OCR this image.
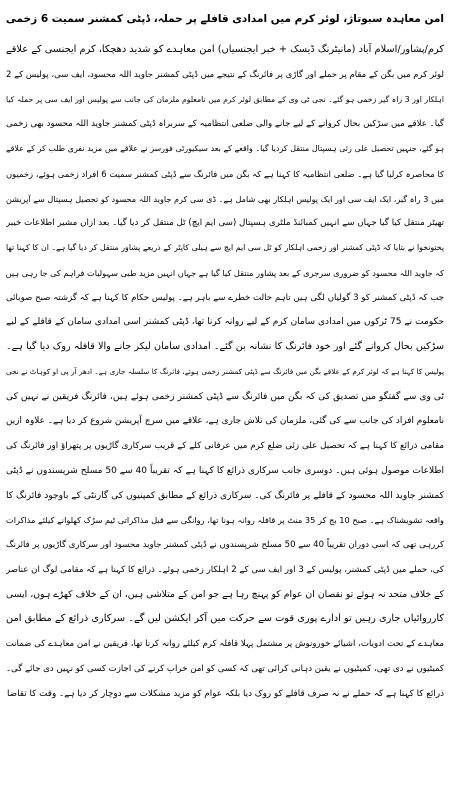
امن معاہدہ سبوتاژ، لوئر کرم میں امدادی قافلے پر حملہ، ڈپٹی کمشنر سمیت 6 زخمی
کرم/پشاور/اسلام آباد (مانیٹرنگ ڈیسک + خبر ایجنسیاں) امن معاہدے کو شدید دھچکا، کرم ایجنسی کے علاقے
لوئر کرم میں بگن کے مقام پر حملے اور گاڑی پر فائرنگ کے نتیجے میں ڈپٹی کمشنر جاوید اللہ محسود، ایف سی، پولیس کے 2
اہلکار اور 3 راہ گیر زخمی ہو گئے۔ نجی ٹی وی کے مطابق لوئر کرم میں نامعلوم ملزمان کی جانب سے پولیس اور ایف سی پر حملہ کیا
گیا۔ علاقے میں سڑکیں بحال کروانے کے لیے جانے والی ضلعی انتظامیہ کے سربراہ ڈپٹی کمشنر جاوید اللہ محسود بھی زخمی
ہو گئے، جنہیں تحصیل علی زئی ہسپتال منتقل کردیا گیا۔ واقعے کے بعد سیکیورٹی فورسز نے علاقے میں مزید نفری طلب کر کے علاقے
کا محاصرہ کرلیا گیا ہے۔ ضلعی انتظامیہ کا کہنا ہے کہ بگن میں فائرنگ سے ڈپٹی کمشنر سمیت 6 افراد زخمی ہوئے، زخمیوں
میں 3 راہ گیر، ایک ایف سی اور ایک پولیس اہلکار بھی شامل ہے۔ ڈی سی کرم جاوید اللہ محسود کو تحصیل ہسپتال سے آپریشن
تھیٹر منتقل کیا گیا جہاں سے انہیں کمبائنڈ ملٹری ہسپتال (سی ایم ایچ) ٹل منتقل کر دیا گیا۔ بعد ازاں مشیر اطلاعات خیبر
پختونخوا نے بتایا کہ ڈپٹی کمشنر اور زخمی اہلکار کو ٹل سی ایم ایچ سے ہیلی کاپٹر کے ذریعے پشاور منتقل کر دیا گیا ہے۔ ان کا کہنا تھا
کہ جاوید اللہ محسود کو ضروری سرجری کے بعد پشاور منتقل کیا گیا ہے جہاں انہیں مزید طبی سہولیات فراہم کی جا رہی ہیں
جب کہ ڈپٹی کمشنر کو 3 گولیاں لگی ہیں تاہم حالت خطرے سے باہر ہے۔ پولیس حکام کا کہنا ہے کہ گزشتہ صبح صوبائی
حکومت نے 75 ٹرکوں میں امدادی سامان کرم کے لیے روانہ کرنا تھا، ڈپٹی کمشنر اسی امدادی سامان کے قافلے کے لیے
سڑکیں بحال کروانے گئے اور خود فائرنگ کا نشانہ بن گئے۔ امدادی سامان لیکر جانے والا قافلہ روک دیا گیا ہے۔
پولیس کا کہنا ہے کہ لوئر کرم کے علاقے بگن میں فائرنگ سے ڈپٹی کمشنر زخمی ہوئے، فائرنگ کا سلسلہ جاری ہے۔ ادھر آر پی او کوہاٹ نے نجی
ٹی وی سے گفتگو میں تصدیق کی کہ بگن میں فائرنگ سے ڈپٹی کمشنر زخمی ہوئے ہیں، فائرنگ فریقین نے نہیں کی
نامعلوم افراد کی جانب سے کی گئی، ملزمان کی تلاش جاری ہے، علاقے میں سرچ آپریشن شروع کر دیا ہے۔ علاوہ ازیں
مقامی ذرائع کا کہنا ہے کہ تحصیل علی زئی ضلع کرم میں عرفانی کلے کے قریب سرکاری گاڑیوں پر پتھراؤ اور فائرنگ کی
اطلاعات موصول ہوئی ہیں۔ دوسری جانب سرکاری ذرائع کا کہنا ہے کہ تقریباً 40 سے 50 مسلح شرپسندوں نے ڈپٹی
کمشنر جاوید اللہ محسود کے قافلے پر فائرنگ کی۔ سرکاری ذرائع کے مطابق کمپنیوں کی گارنٹی کے باوجود فائرنگ کا
واقعہ تشویشناک ہے۔ صبح 10 بج کر 35 منٹ پر قافلہ روانہ ہونا تھا، روانگی سے قبل مذاکراتی ٹیم سڑک کھلوانے کیلئے مذاکرات
کررہی تھی کہ اسی دوران تقریباً 40 سے 50 مسلح شرپسندوں نے ڈپٹی کمشنر جاوید محسود اور سرکاری گاڑیوں پر فائرنگ
کی، حملے میں ڈپٹی کمشنر، پولیس کے 3 اور ایف سی کے 2 اہلکار زخمی ہوئے۔ ذرائع کا کہنا ہے کہ مقامی لوگ ان عناصر
کے خلاف متحد نہ ہوئے تو نقصان ان عوام کو پہنچ رہا ہے جو امن کے متلاشی ہیں، ان کے خلاف کھڑے ہوں، ایسی
کارروائیاں جاری رہیں تو ادارے پوری قوت سے حرکت میں آکر ایکشن لیں گے۔ سرکاری ذرائع کے مطابق امن
معاہدے کے تحت ادویات، اشیائے خورونوش پر مشتمل پہلا قافلہ کرم کیلئے روانہ کرنا تھا، فریقین نے امن معاہدے کی ضمانت
کمیٹیوں نے دی تھی، کمیٹیوں نے یقین دہانی کرائی تھی کہ کسی کو امن خراب کرنے کی اجازت کسی کو نہیں دی جائے گی۔
ذرائع کا کہنا ہے کہ حملے نے نہ صرف قافلے کو روک دیا بلکہ عوام کو مزید مشکلات سے دوچار کر دیا ہے۔ وقت کا تقاضا
